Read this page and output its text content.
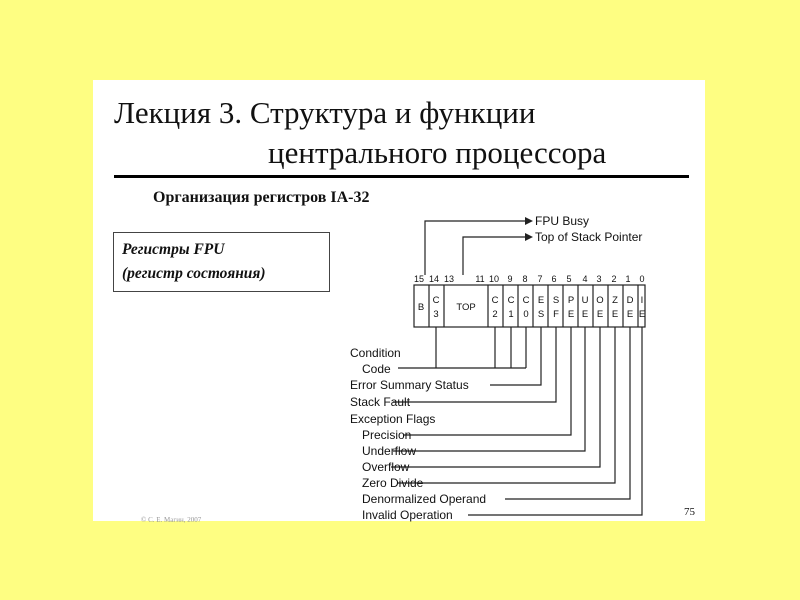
Лекция 3. Структура и функции
центрального процессора
Организация регистров IA-32
Регистры FPU
(регистр состояния)
FPU Busy
Top of Stack Pointer
15 14 13 11 10 9 8 7 6 5 4 3 2 1 0
B
C
3
TOP
C
2
C
1
C
0
E
S
S
F
P
E
U
E
O
E
Z
E
D
E
I
E
Condition
Code
Error Summary Status
Stack Fault
Exception Flags
Precision
Underflow
Overflow
Zero Divide
Denormalized Operand
Invalid Operation
© С. Е. Магин, 2007
75
